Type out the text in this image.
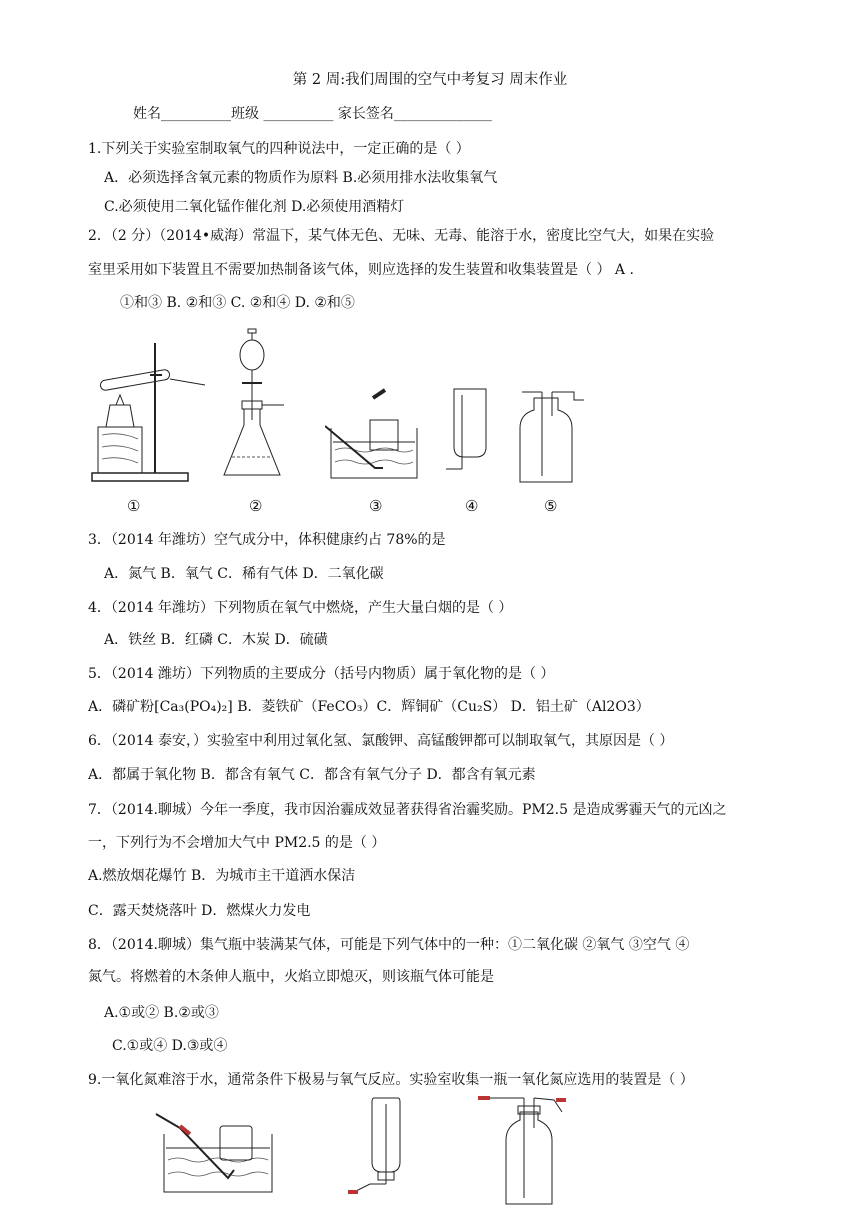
第 2 周:我们周围的空气中考复习 周末作业
姓名__________班级 __________ 家长签名______________
1.下列关于实验室制取氧气的四种说法中，一定正确的是（ ）
A．必须选择含氧元素的物质作为原料 B.必须用排水法收集氧气
C.必须使用二氧化锰作催化剂 D.必须使用酒精灯
2．（2 分）（2014•威海）常温下，某气体无色、无味、无毒、能溶于水，密度比空气大，如果在实验
室里采用如下装置且不需要加热制备该气体，则应选择的发生装置和收集装置是（ ） A .
①和③ B. ②和③ C. ②和④ D. ②和⑤
①	②	③	④	⑤
3．（2014 年潍坊）空气成分中，体积健康约占 78%的是
A．氮气 B．氧气 C．稀有气体 D．二氧化碳
4．（2014 年潍坊）下列物质在氧气中燃烧，产生大量白烟的是（ ）
A．铁丝 B．红磷 C．木炭 D．硫磺
5．（2014 潍坊）下列物质的主要成分（括号内物质）属于氧化物的是（ ）
A．磷矿粉[Ca₃(PO₄)₂] B．菱铁矿（FeCO₃）C．辉铜矿（Cu₂S） D．铝土矿（Al2O3）
6．（2014 泰安，）实验室中利用过氧化氢、氯酸钾、高锰酸钾都可以制取氧气，其原因是（ ）
A．都属于氧化物 B．都含有氧气 C．都含有氧气分子 D．都含有氧元素
7．（2014.聊城）今年一季度，我市因治霾成效显著获得省治霾奖励。PM2.5 是造成雾霾天气的元凶之
一，下列行为不会增加大气中 PM2.5 的是（ ）
A.燃放烟花爆竹 B．为城市主干道洒水保洁
C．露天焚烧落叶 D．燃煤火力发电
8．（2014.聊城）集气瓶中装满某气体，可能是下列气体中的一种：①二氧化碳 ②氧气 ③空气 ④
氮气。将燃着的木条伸人瓶中，火焰立即熄灭，则该瓶气体可能是
A.①或② B.②或③
C.①或④ D.③或④
9.一氧化氮难溶于水，通常条件下极易与氧气反应。实验室收集一瓶一氧化氮应选用的装置是（ ）
